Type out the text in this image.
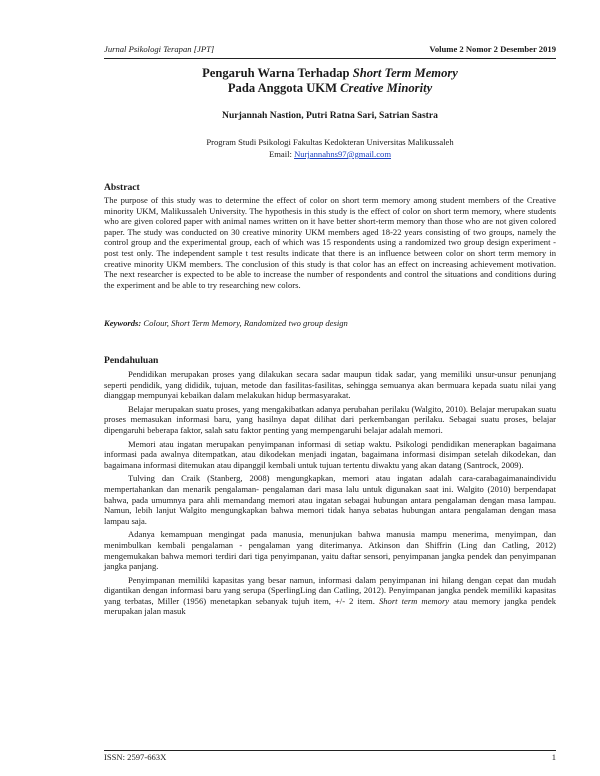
Jurnal Psikologi Terapan [JPT]	Volume 2 Nomor 2 Desember 2019
Pengaruh Warna Terhadap Short Term Memory
Pada Anggota UKM Creative Minority
Nurjannah Nastion, Putri Ratna Sari, Satrian Sastra
Program Studi Psikologi Fakultas Kedokteran Universitas Malikussaleh
Email: Nurjannahns97@gmail.com
Abstract
The purpose of this study was to determine the effect of color on short term memory among student members of the Creative minority UKM, Malikussaleh University. The hypothesis in this study is the effect of color on short term memory, where students who are given colored paper with animal names written on it have better short-term memory than those who are not given colored paper. The study was conducted on 30 creative minority UKM members aged 18-22 years consisting of two groups, namely the control group and the experimental group, each of which was 15 respondents using a randomized two group design experiment - post test only. The independent sample t test results indicate that there is an influence between color on short term memory in creative minority UKM members. The conclusion of this study is that color has an effect on increasing achievement motivation. The next researcher is expected to be able to increase the number of respondents and control the situations and conditions during the experiment and be able to try researching new colors.
Keywords: Colour, Short Term Memory, Randomized two group design
Pendahuluan

Pendidikan merupakan proses yang dilakukan secara sadar maupun tidak sadar, yang memiliki unsur-unsur penunjang seperti pendidik, yang dididik, tujuan, metode dan fasilitas-fasilitas, sehingga semuanya akan bermuara kepada suatu nilai yang dianggap mempunyai kebaikan dalam melakukan hidup bermasyarakat.

Belajar merupakan suatu proses, yang mengakibatkan adanya perubahan perilaku (Walgito, 2010). Belajar merupakan suatu proses memasukan informasi baru, yang hasilnya dapat dilihat dari perkembangan perilaku. Sebagai suatu proses, belajar dipengaruhi beberapa faktor, salah satu faktor penting yang mempengaruhi belajar adalah memori.

Memori atau ingatan merupakan penyimpanan informasi di setiap waktu. Psikologi pendidikan menerapkan bagaimana informasi pada awalnya ditempatkan, atau dikodekan menjadi ingatan, bagaimana informasi disimpan setelah dikodekan, dan bagaimana informasi ditemukan atau dipanggil kembali untuk tujuan tertentu diwaktu yang akan datang (Santrock, 2009).

Tulving dan Craik (Stanberg, 2008) mengungkapkan, memori atau ingatan adalah cara-carabagaimanaindividu mempertahankan dan menarik pengalaman- pengalaman dari masa lalu untuk digunakan saat ini. Walgito (2010) berpendapat bahwa, pada umumnya para ahli memandang memori atau ingatan sebagai hubungan antara pengalaman dengan masa lampau. Namun, lebih lanjut Walgito mengungkapkan bahwa memori tidak hanya sebatas hubungan antara pengalaman dengan masa lampau saja.

Adanya kemampuan mengingat pada manusia, menunjukan bahwa manusia mampu menerima, menyimpan, dan menimbulkan kembali pengalaman - pengalaman yang diterimanya. Atkinson dan Shiffrin (Ling dan Catling, 2012) mengemukakan bahwa memori terdiri dari tiga penyimpanan, yaitu daftar sensori, penyimpanan jangka pendek dan penyimpanan jangka panjang.

Penyimpanan memiliki kapasitas yang besar namun, informasi dalam penyimpanan ini hilang dengan cepat dan mudah digantikan dengan informasi baru yang serupa (SperlingLing dan Catling, 2012). Penyimpanan jangka pendek memiliki kapasitas yang terbatas, Miller (1956) menetapkan sebanyak tujuh item, +/- 2 item. Short term memory atau memory jangka pendek merupakan jalan masuk

ISSN: 2597-663X	1
